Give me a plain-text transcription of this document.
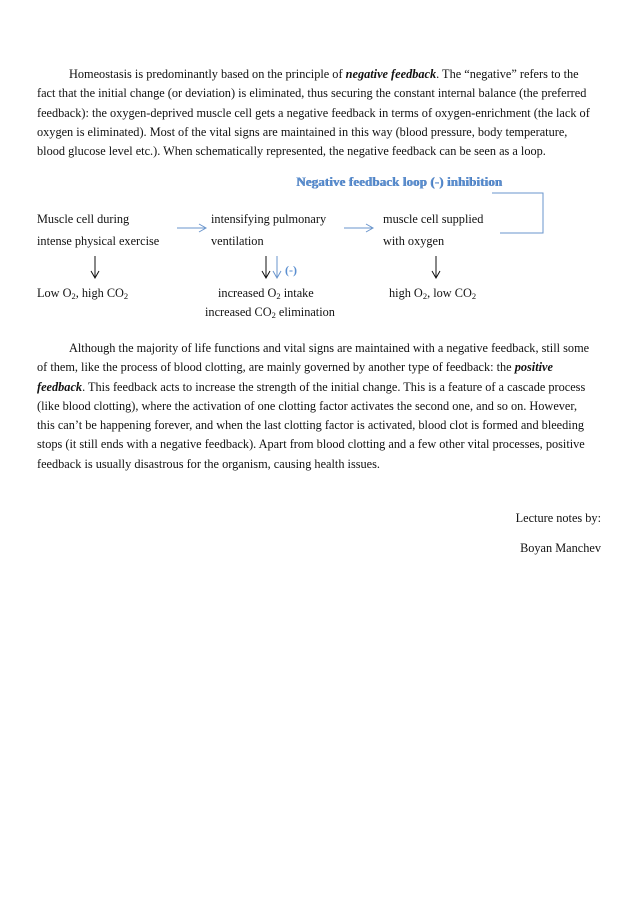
Homeostasis is predominantly based on the principle of negative feedback. The “negative” refers to the fact that the initial change (or deviation) is eliminated, thus securing the constant internal balance (the preferred feedback): the oxygen-deprived muscle cell gets a negative feedback in terms of oxygen-enrichment (the lack of oxygen is eliminated). Most of the vital signs are maintained in this way (blood pressure, body temperature, blood glucose level etc.). When schematically represented, the negative feedback can be seen as a loop.
Negative feedback loop (-) inhibition
Muscle cell during
intense physical exercise
intensifying pulmonary
ventilation
muscle cell supplied
with oxygen
(-)
Low O2, high CO2	increased O2 intake
increased CO2 elimination
high O2, low CO2
Although the majority of life functions and vital signs are maintained with a negative feedback, still some of them, like the process of blood clotting, are mainly governed by another type of feedback: the positive feedback. This feedback acts to increase the strength of the initial change. This is a feature of a cascade process (like blood clotting), where the activation of one clotting factor activates the second one, and so on. However, this can’t be happening forever, and when the last clotting factor is activated, blood clot is formed and bleeding stops (it still ends with a negative feedback). Apart from blood clotting and a few other vital processes, positive feedback is usually disastrous for the organism, causing health issues.
Lecture notes by:
Boyan Manchev
